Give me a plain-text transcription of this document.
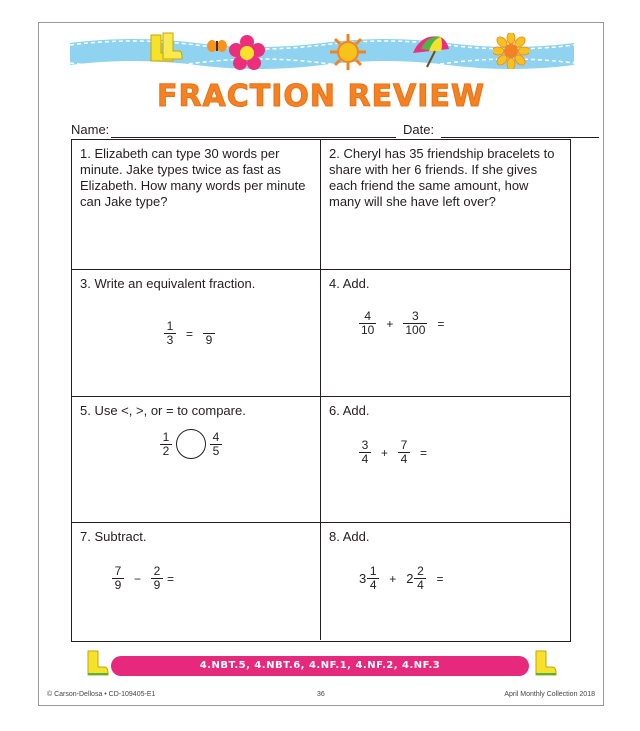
FRACTION REVIEW
Name:	Date:
1. Elizabeth can type 30 words per minute. Jake types twice as fast as Elizabeth. How many words per minute can Jake type?
2. Cheryl has 35 friendship bracelets to share with her 6 friends. If she gives each friend the same amount, how many will she have left over?
3. Write an equivalent fraction.
$\frac{1}{3}$ =
9
4. Add.
$\frac{4}{10} + \frac{3}{100}$ =
5. Use <, >, or = to compare.
$\frac{1}{2}$	$\frac{4}{5}$
6. Add.
$\frac{3}{4} + \frac{7}{4}$ =
7. Subtract.
$\frac{7}{9} - \frac{2}{9}$ =
8. Add.
$3 \frac{1}{4} + 2 \frac{2}{4}$ =
4.NBT.5, 4.NBT.6, 4.NF.1, 4.NF.2, 4.NF.3
© Carson-Dellosa • CD-109405-E1	36	April Monthly Collection 2018
